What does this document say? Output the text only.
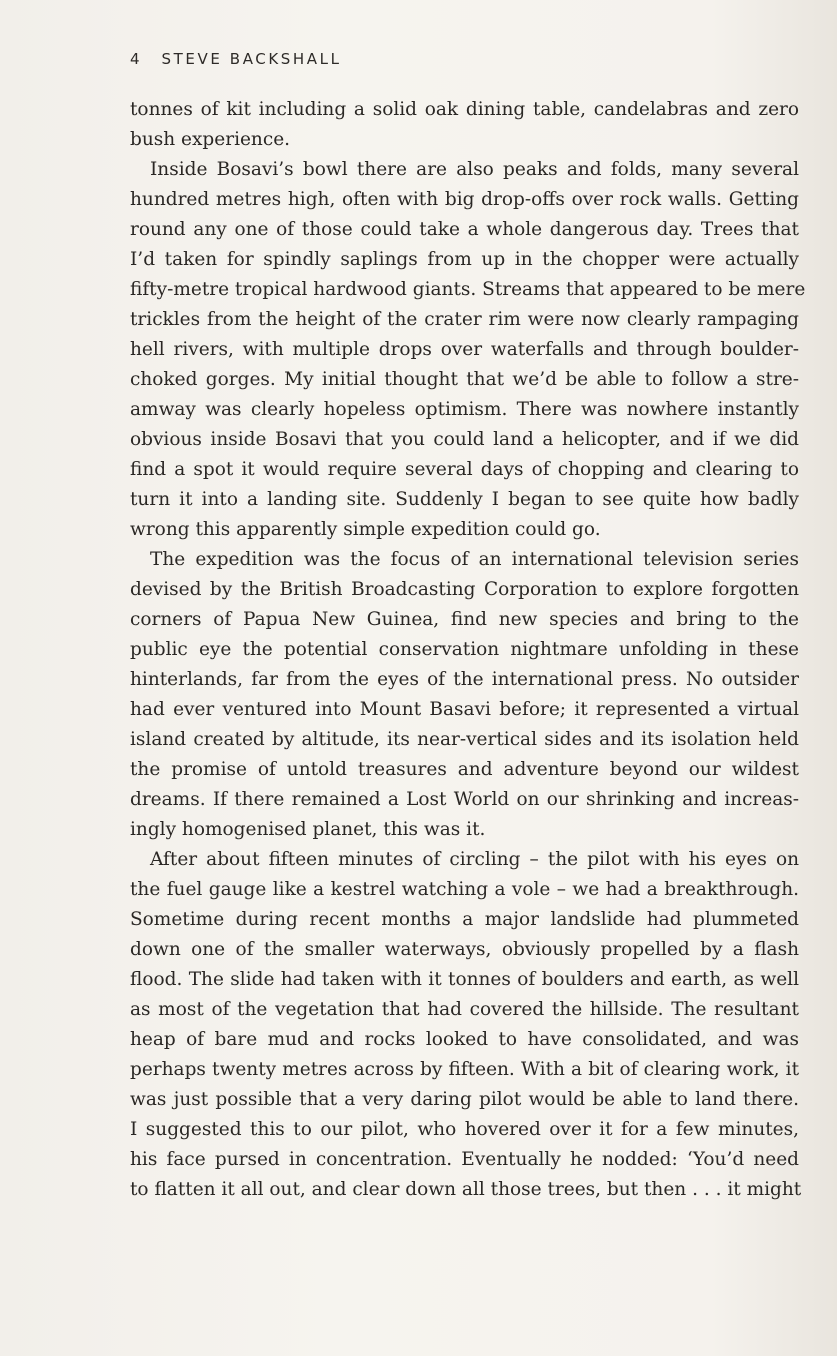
4 STEVE BACKSHALL
tonnes of kit including a solid oak dining table, candelabras and zero
bush experience.
Inside Bosavi’s bowl there are also peaks and folds, many several
hundred metres high, often with big drop-offs over rock walls. Getting
round any one of those could take a whole dangerous day. Trees that
I’d taken for spindly saplings from up in the chopper were actually
fifty-metre tropical hardwood giants. Streams that appeared to be mere
trickles from the height of the crater rim were now clearly rampaging
hell rivers, with multiple drops over waterfalls and through boulder-
choked gorges. My initial thought that we’d be able to follow a stre-
amway was clearly hopeless optimism. There was nowhere instantly
obvious inside Bosavi that you could land a helicopter, and if we did
find a spot it would require several days of chopping and clearing to
turn it into a landing site. Suddenly I began to see quite how badly
wrong this apparently simple expedition could go.
The expedition was the focus of an international television series
devised by the British Broadcasting Corporation to explore forgotten
corners of Papua New Guinea, find new species and bring to the
public eye the potential conservation nightmare unfolding in these
hinterlands, far from the eyes of the international press. No outsider
had ever ventured into Mount Basavi before; it represented a virtual
island created by altitude, its near-vertical sides and its isolation held
the promise of untold treasures and adventure beyond our wildest
dreams. If there remained a Lost World on our shrinking and increas-
ingly homogenised planet, this was it.
After about fifteen minutes of circling – the pilot with his eyes on
the fuel gauge like a kestrel watching a vole – we had a breakthrough.
Sometime during recent months a major landslide had plummeted
down one of the smaller waterways, obviously propelled by a flash
flood. The slide had taken with it tonnes of boulders and earth, as well
as most of the vegetation that had covered the hillside. The resultant
heap of bare mud and rocks looked to have consolidated, and was
perhaps twenty metres across by fifteen. With a bit of clearing work, it
was just possible that a very daring pilot would be able to land there.
I suggested this to our pilot, who hovered over it for a few minutes,
his face pursed in concentration. Eventually he nodded: ‘You’d need
to flatten it all out, and clear down all those trees, but then . . . it might
